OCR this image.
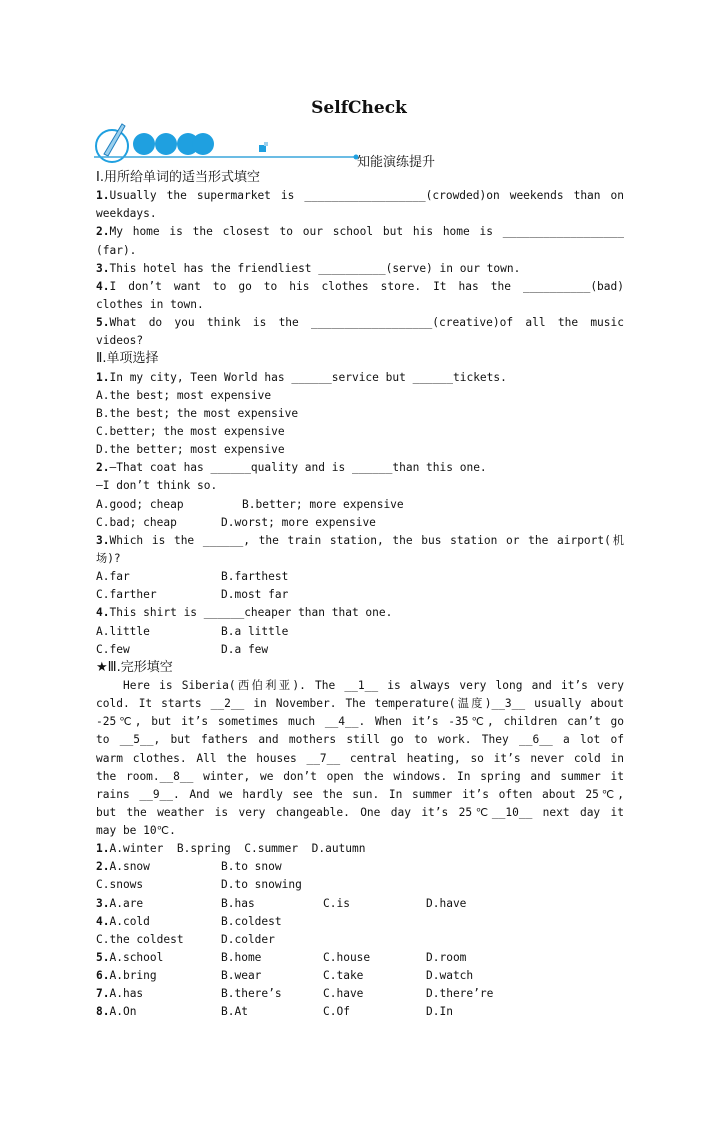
SelfCheck
知能演练提升
Ⅰ.用所给单词的适当形式填空
1.Usually the supermarket is __________________(crowded)on weekends than on
weekdays.
2.My home is the closest to our school but his home is __________________
(far).
3.This hotel has the friendliest __________(serve) in our town.
4.I don’t want to go to his clothes store. It has the __________(bad)
clothes in town.
5.What do you think is the __________________(creative)of all the music
videos?
Ⅱ.单项选择
1.In my city, Teen World has ______service but ______tickets.
A.the best; most expensive
B.the best; the most expensive
C.better; the most expensive
D.the better; most expensive
2.—That coat has ______quality and is ______than this one.
—I don’t think so.
A.good; cheap	B.better; more expensive
C.bad; cheap	D.worst; more expensive
3.Which is the ______, the train station, the bus station or the airport(机
场)?
A.far	B.farthest
C.farther	D.most far
4.This shirt is ______cheaper than that one.
A.little	B.a little
C.few	D.a few
★Ⅲ.完形填空
Here is Siberia(西伯利亚). The __1__ is always very long and it’s very
cold. It starts __2__ in November. The temperature(温度)__3__ usually about
-25℃, but it’s sometimes much __4__. When it’s -35℃, children can’t go
to __5__, but fathers and mothers still go to work. They __6__ a lot of
warm clothes. All the houses __7__ central heating, so it’s never cold in
the room.__8__ winter, we don’t open the windows. In spring and summer it
rains __9__. And we hardly see the sun. In summer it’s often about 25℃,
but the weather is very changeable. One day it’s 25℃__10__ next day it
may be 10℃.
1.A.winter B.spring C.summer D.autumn
2.A.snow	B.to snow
C.snows	D.to snowing
3.A.are	B.has	C.is	D.have
4.A.cold	B.coldest
C.the coldest	D.colder
5.A.school	B.home	C.house	D.room
6.A.bring	B.wear	C.take	D.watch
7.A.has	B.there’s	C.have	D.there’re
8.A.On	B.At	C.Of	D.In
